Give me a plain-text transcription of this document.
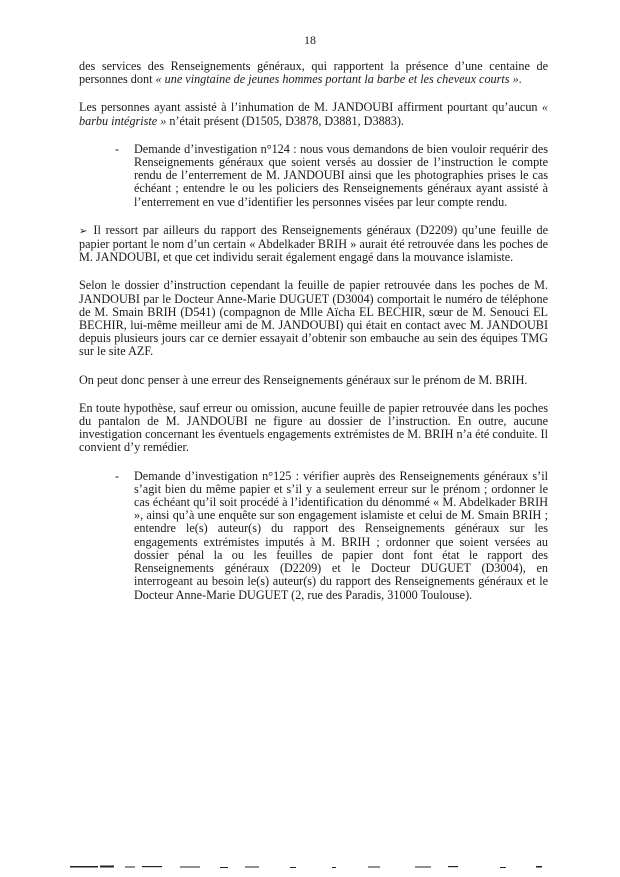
18

des services des Renseignements généraux, qui rapportent la présence d’une centaine de personnes dont « une vingtaine de jeunes hommes portant la barbe et les cheveux courts ».

Les personnes ayant assisté à l’inhumation de M. JANDOUBI affirment pourtant qu’aucun « barbu intégriste » n’était présent (D1505, D3878, D3881, D3883).

- Demande d’investigation n°124 : nous vous demandons de bien vouloir requérir des Renseignements généraux que soient versés au dossier de l’instruction le compte rendu de l’enterrement de M. JANDOUBI ainsi que les photographies prises le cas échéant ; entendre le ou les policiers des Renseignements généraux ayant assisté à l’enterrement en vue d’identifier les personnes visées par leur compte rendu.

➢ Il ressort par ailleurs du rapport des Renseignements généraux (D2209) qu’une feuille de papier portant le nom d’un certain « Abdelkader BRIH » aurait été retrouvée dans les poches de M. JANDOUBI, et que cet individu serait également engagé dans la mouvance islamiste.

Selon le dossier d’instruction cependant la feuille de papier retrouvée dans les poches de M. JANDOUBI par le Docteur Anne-Marie DUGUET (D3004) comportait le numéro de téléphone de M. Smain BRIH (D541) (compagnon de Mlle Aïcha EL BECHIR, sœur de M. Senouci EL BECHIR, lui-même meilleur ami de M. JANDOUBI) qui était en contact avec M. JANDOUBI depuis plusieurs jours car ce dernier essayait d’obtenir son embauche au sein des équipes TMG sur le site AZF.

On peut donc penser à une erreur des Renseignements généraux sur le prénom de M. BRIH.

En toute hypothèse, sauf erreur ou omission, aucune feuille de papier retrouvée dans les poches du pantalon de M. JANDOUBI ne figure au dossier de l’instruction. En outre, aucune investigation concernant les éventuels engagements extrémistes de M. BRIH n’a été conduite. Il convient d’y remédier.

- Demande d’investigation n°125 : vérifier auprès des Renseignements généraux s’il s’agit bien du même papier et s’il y a seulement erreur sur le prénom ; ordonner le cas échéant qu’il soit procédé à l’identification du dénommé « M. Abdelkader BRIH », ainsi qu’à une enquête sur son engagement islamiste et celui de M. Smain BRIH ; entendre le(s) auteur(s) du rapport des Renseignements généraux sur les engagements extrémistes imputés à M. BRIH ; ordonner que soient versées au dossier pénal la ou les feuilles de papier dont font état le rapport des Renseignements généraux (D2209) et le Docteur DUGUET (D3004), en interrogeant au besoin le(s) auteur(s) du rapport des Renseignements généraux et le Docteur Anne-Marie DUGUET (2, rue des Paradis, 31000 Toulouse).
